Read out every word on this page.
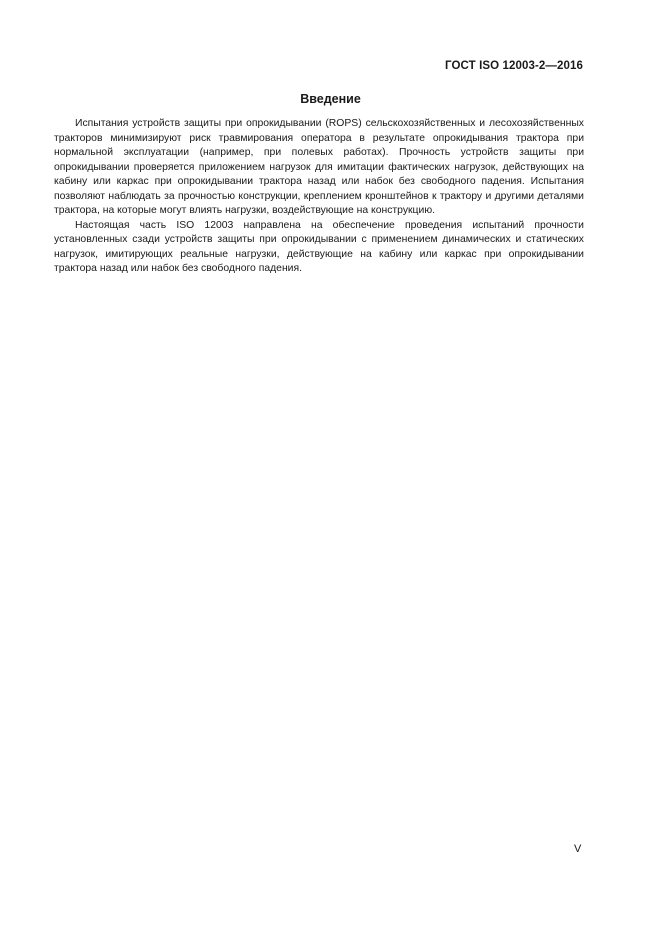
ГОСТ ISO 12003-2—2016
Введение

Испытания устройств защиты при опрокидывании (ROPS) сельскохозяйственных и лесохозяйственных тракторов минимизируют риск травмирования оператора в результате опрокидывания трактора при нормальной эксплуатации (например, при полевых работах). Прочность устройств защиты при опрокидывании проверяется приложением нагрузок для имитации фактических нагрузок, действующих на кабину или каркас при опрокидывании трактора назад или набок без свободного падения. Испытания позволяют наблюдать за прочностью конструкции, креплением кронштейнов к трактору и другими деталями трактора, на которые могут влиять нагрузки, воздействующие на конструкцию.

Настоящая часть ISO 12003 направлена на обеспечение проведения испытаний прочности установленных сзади устройств защиты при опрокидывании с применением динамических и статических нагрузок, имитирующих реальные нагрузки, действующие на кабину или каркас при опрокидывании трактора назад или набок без свободного падения.

V
